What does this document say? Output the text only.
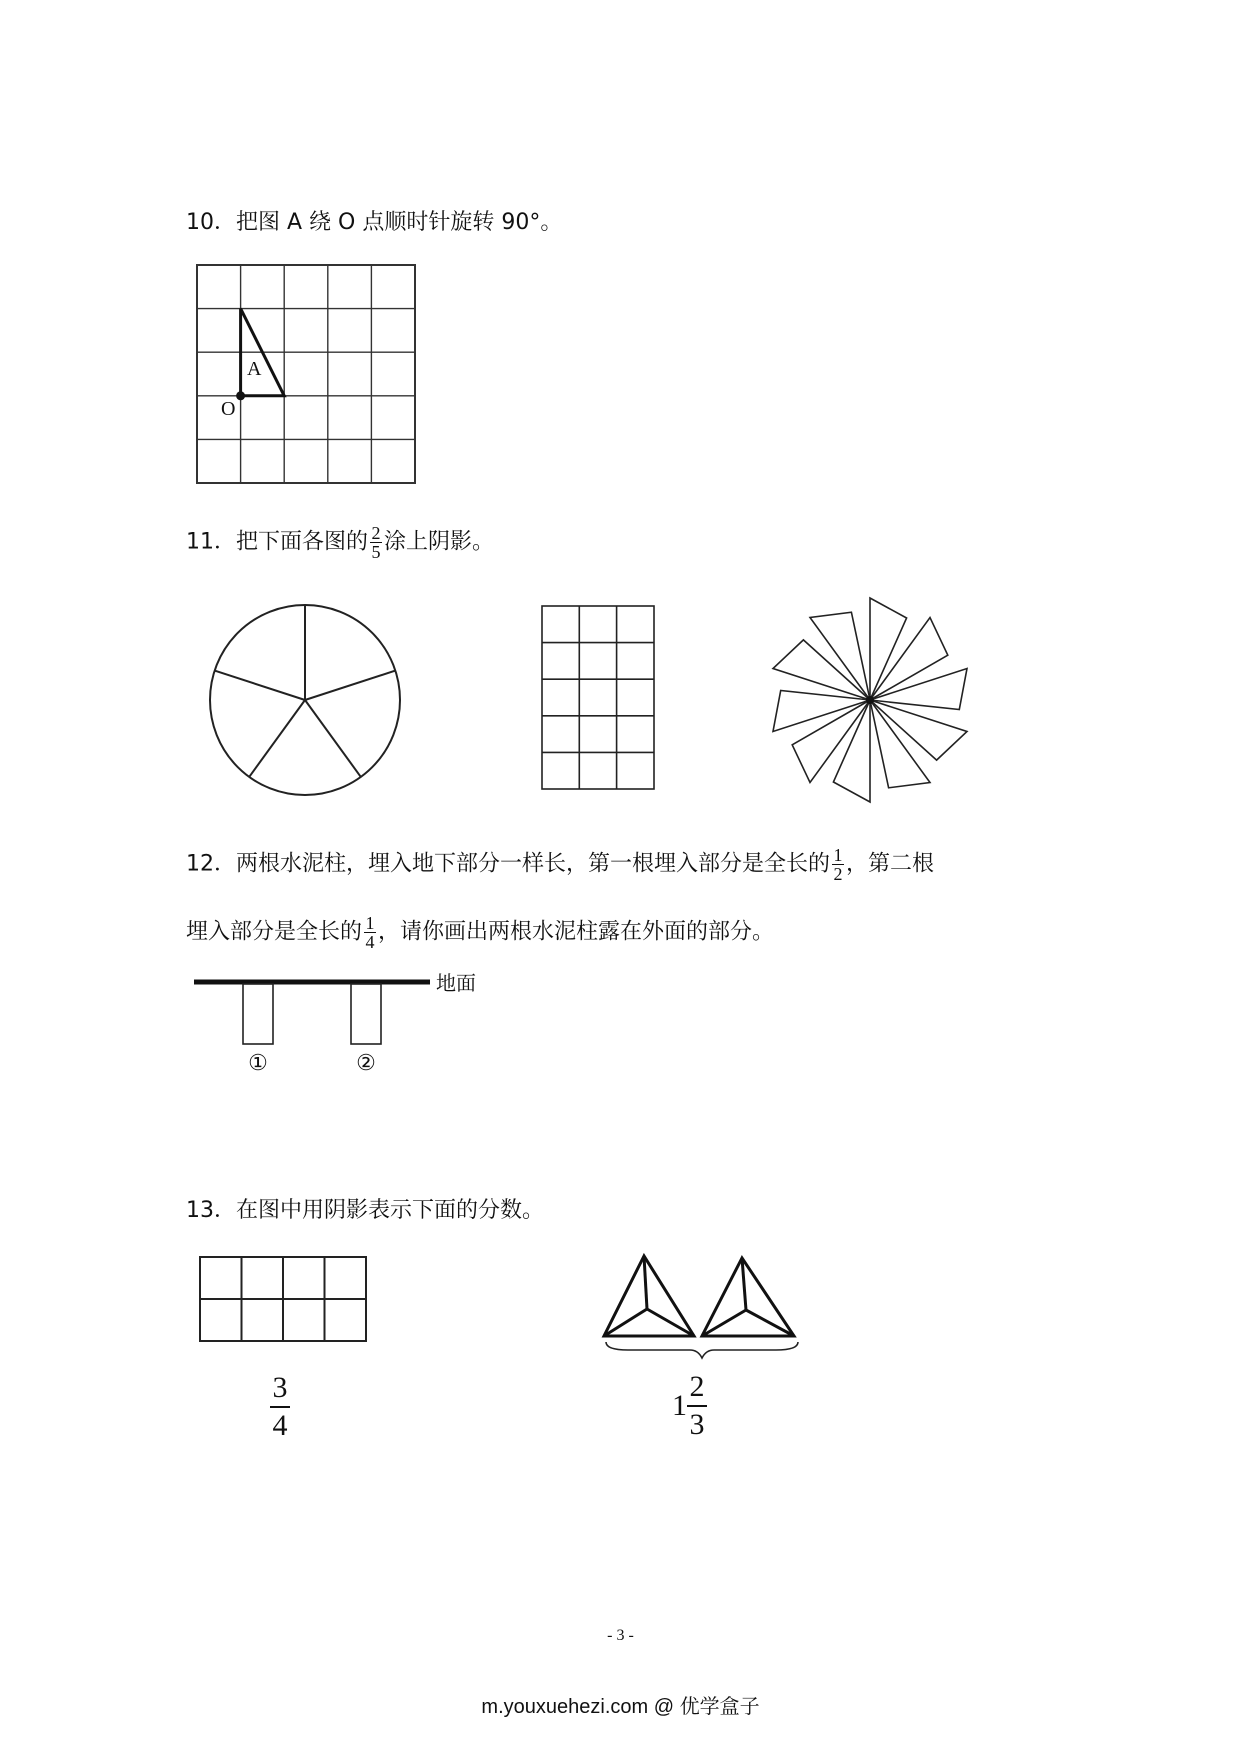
10．把图 A 绕 O 点顺时针旋转 90°。
A
O
11．把下面各图的 $\frac{2}{5}$ 涂上阴影。
12．两根水泥柱，埋入地下部分一样长，第一根埋入部分是全长的 $\frac{1}{2}$ ，第二根
埋入部分是全长的 $\frac{1}{4}$ ，请你画出两根水泥柱露在外面的部分。
地面
①	②
13．在图中用阴影表示下面的分数。
3
4
1
2
3
- 3 -
m.youxuehezi.com @ 优学盒子
